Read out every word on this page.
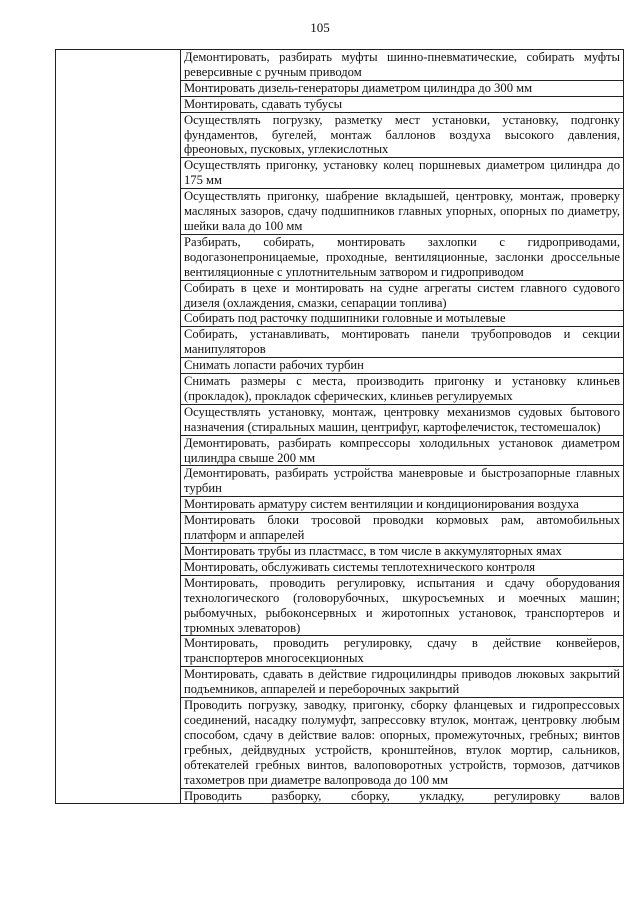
105

Демонтировать, разбирать муфты шинно-пневматические, собирать муфты реверсивные с ручным приводом

Монтировать дизель-генераторы диаметром цилиндра до 300 мм

Монтировать, сдавать тубусы

Осуществлять погрузку, разметку мест установки, установку, подгонку фундаментов, бугелей, монтаж баллонов воздуха высокого давления, фреоновых, пусковых, углекислотных

Осуществлять пригонку, установку колец поршневых диаметром цилиндра до 175 мм

Осуществлять пригонку, шабрение вкладышей, центровку, монтаж, проверку масляных зазоров, сдачу подшипников главных упорных, опорных по диаметру, шейки вала до 100 мм

Разбирать, собирать, монтировать захлопки с гидроприводами, водогазонепроницаемые, проходные, вентиляционные, заслонки дроссельные вентиляционные с уплотнительным затвором и гидроприводом

Собирать в цехе и монтировать на судне агрегаты систем главного судового дизеля (охлаждения, смазки, сепарации топлива)

Собирать под расточку подшипники головные и мотылевые

Собирать, устанавливать, монтировать панели трубопроводов и секции манипуляторов

Снимать лопасти рабочих турбин

Снимать размеры с места, производить пригонку и установку клиньев (прокладок), прокладок сферических, клиньев регулируемых

Осуществлять установку, монтаж, центровку механизмов судовых бытового назначения (стиральных машин, центрифуг, картофелечисток, тестомешалок)

Демонтировать, разбирать компрессоры холодильных установок диаметром цилиндра свыше 200 мм

Демонтировать, разбирать устройства маневровые и быстрозапорные главных турбин

Монтировать арматуру систем вентиляции и кондиционирования воздуха

Монтировать блоки тросовой проводки кормовых рам, автомобильных платформ и аппарелей

Монтировать трубы из пластмасс, в том числе в аккумуляторных ямах

Монтировать, обслуживать системы теплотехнического контроля

Монтировать, проводить регулировку, испытания и сдачу оборудования технологического (головорубочных, шкуросъемных и моечных машин; рыбомучных, рыбоконсервных и жиротопных установок, транспортеров и трюмных элеваторов)

Монтировать, проводить регулировку, сдачу в действие конвейеров, транспортеров многосекционных

Монтировать, сдавать в действие гидроцилиндры приводов люковых закрытий подъемников, аппарелей и переборочных закрытий

Проводить погрузку, заводку, пригонку, сборку фланцевых и гидропрессовых соединений, насадку полумуфт, запрессовку втулок, монтаж, центровку любым способом, сдачу в действие валов: опорных, промежуточных, гребных; винтов гребных, дейдвудных устройств, кронштейнов, втулок мортир, сальников, обтекателей гребных винтов, валоповоротных устройств, тормозов, датчиков тахометров при диаметре валопровода до 100 мм

Проводить разборку, сборку, укладку, регулировку валов
